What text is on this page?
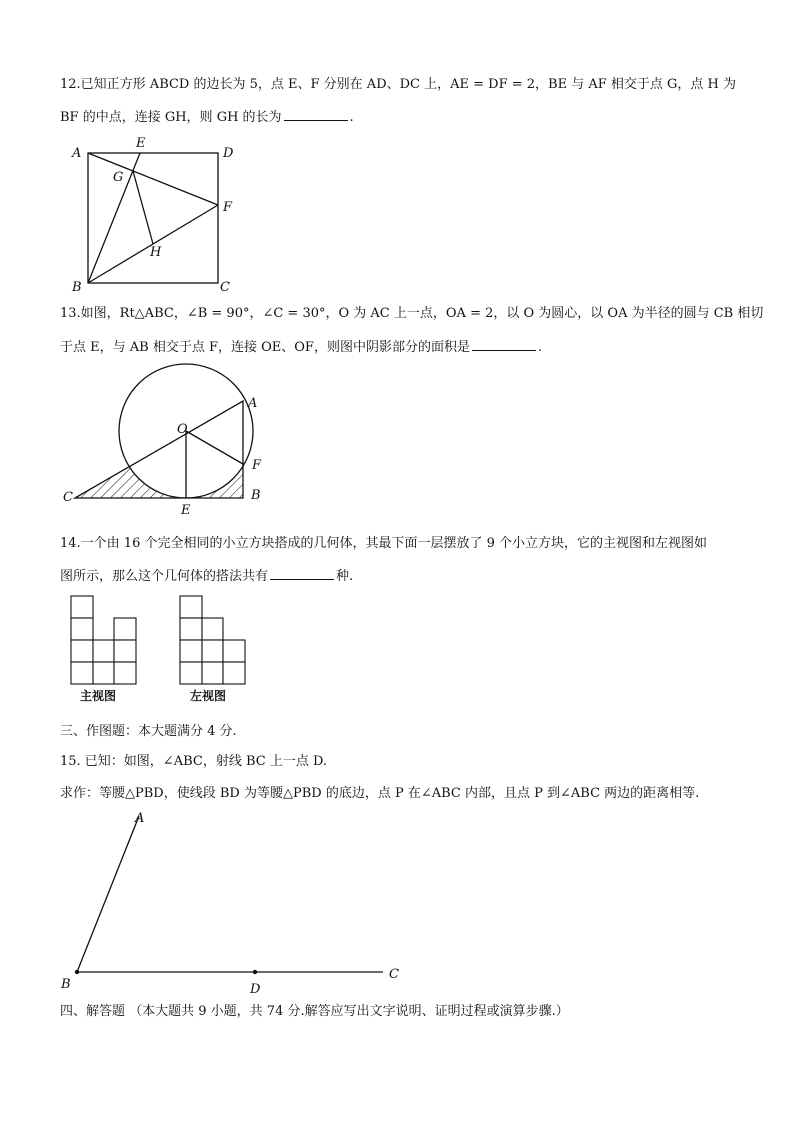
12.已知正方形 ABCD 的边长为 5，点 E、F 分别在 AD、DC 上，AE = DF = 2，BE 与 AF 相交于点 G，点 H 为
BF 的中点，连接 GH，则 GH 的长为	.
A
E
D
G
F
H
B	C
13.如图，Rt△ABC，∠B = 90°，∠C = 30°，O 为 AC 上一点，OA = 2，以 O 为圆心，以 OA 为半径的圆与 CB 相切
于点 E，与 AB 相交于点 F，连接 OE、OF，则图中阴影部分的面积是	.
A
O
F
C	B
E
14.一个由 16 个完全相同的小立方块搭成的几何体，其最下面一层摆放了 9 个小立方块，它的主视图和左视图如
图所示，那么这个几何体的搭法共有	种.
主视图	左视图
三、作图题：本大题满分 4 分.
15. 已知：如图，∠ABC，射线 BC 上一点 D.
求作：等腰△PBD，使线段 BD 为等腰△PBD 的底边，点 P 在∠ABC 内部，且点 P 到∠ABC 两边的距离相等.
A
B	D
C
四、解答题 （本大题共 9 小题，共 74 分.解答应写出文字说明、证明过程或演算步骤.）
